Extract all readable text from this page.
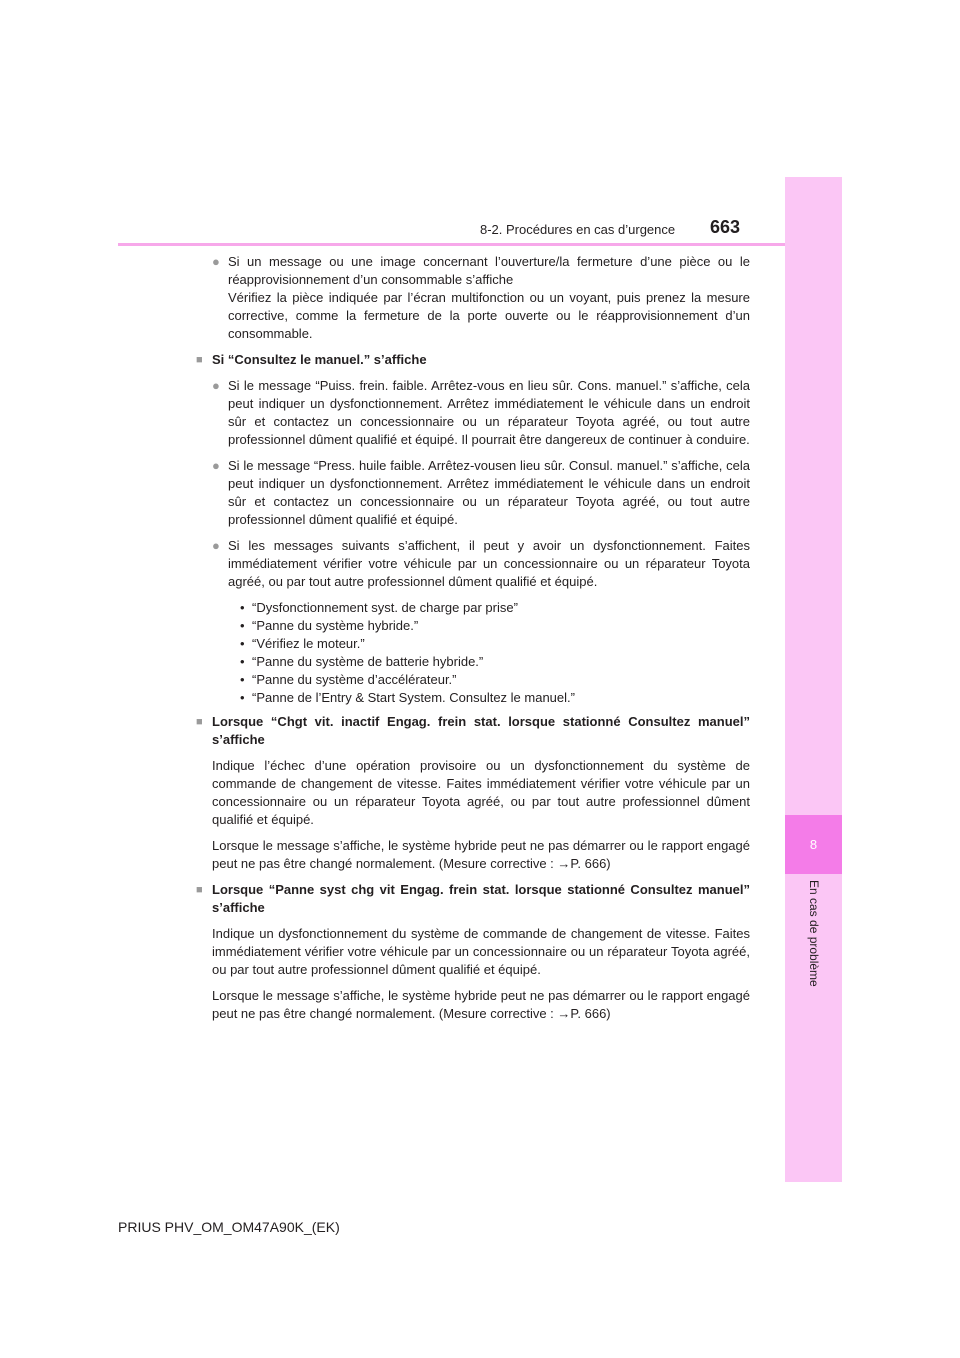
8-2. Procédures en cas d’urgence	663
8
En cas de problème
● Si un message ou une image concernant l’ouverture/la fermeture d’une pièce ou le réapprovisionnement d’un consommable s’affiche
Vérifiez la pièce indiquée par l’écran multifonction ou un voyant, puis prenez la mesure corrective, comme la fermeture de la porte ouverte ou le réapprovisionnement d’un consommable.
■ Si “Consultez le manuel.” s’affiche
● Si le message “Puiss. frein. faible. Arrêtez-vous en lieu sûr. Cons. manuel.” s’affiche, cela peut indiquer un dysfonctionnement. Arrêtez immédiatement le véhicule dans un endroit sûr et contactez un concessionnaire ou un réparateur Toyota agréé, ou tout autre professionnel dûment qualifié et équipé. Il pourrait être dangereux de continuer à conduire.
● Si le message “Press. huile faible. Arrêtez-vousen lieu sûr. Consul. manuel.” s’affiche, cela peut indiquer un dysfonctionnement. Arrêtez immédiatement le véhicule dans un endroit sûr et contactez un concessionnaire ou un réparateur Toyota agréé, ou tout autre professionnel dûment qualifié et équipé.
● Si les messages suivants s’affichent, il peut y avoir un dysfonctionnement. Faites immédiatement vérifier votre véhicule par un concessionnaire ou un réparateur Toyota agréé, ou par tout autre professionnel dûment qualifié et équipé.
• “Dysfonctionnement syst. de charge par prise”
• “Panne du système hybride.”
• “Vérifiez le moteur.”
• “Panne du système de batterie hybride.”
• “Panne du système d’accélérateur.”
• “Panne de l’Entry & Start System. Consultez le manuel.”
■ Lorsque “Chgt vit. inactif Engag. frein stat. lorsque stationné Consultez manuel” s’affiche
Indique l’échec d’une opération provisoire ou un dysfonctionnement du système de commande de changement de vitesse. Faites immédiatement vérifier votre véhicule par un concessionnaire ou un réparateur Toyota agréé, ou par tout autre professionnel dûment qualifié et équipé.
Lorsque le message s’affiche, le système hybride peut ne pas démarrer ou le rapport engagé peut ne pas être changé normalement. (Mesure corrective : →P. 666)
■ Lorsque “Panne syst chg vit Engag. frein stat. lorsque stationné Consultez manuel” s’affiche
Indique un dysfonctionnement du système de commande de changement de vitesse. Faites immédiatement vérifier votre véhicule par un concessionnaire ou un réparateur Toyota agréé, ou par tout autre professionnel dûment qualifié et équipé.
Lorsque le message s’affiche, le système hybride peut ne pas démarrer ou le rapport engagé peut ne pas être changé normalement. (Mesure corrective : →P. 666)
PRIUS PHV_OM_OM47A90K_(EK)
